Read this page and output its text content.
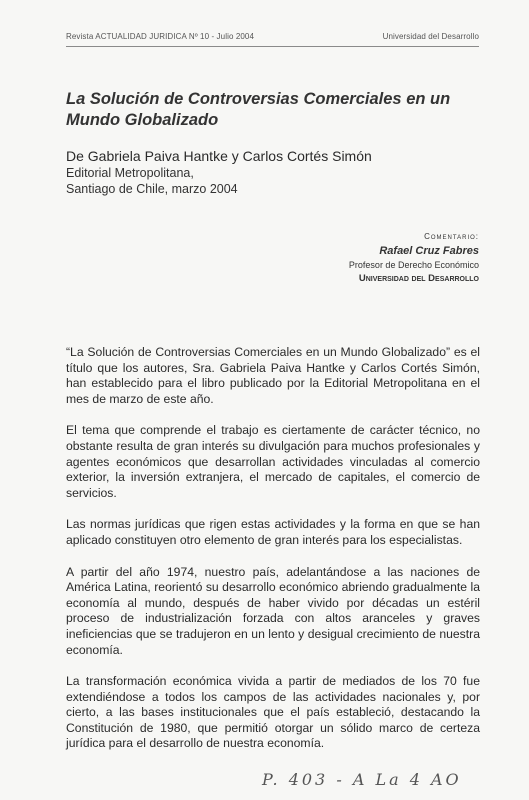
Revista ACTUALIDAD JURIDICA Nº 10 - Julio 2004	Universidad del Desarrollo
La Solución de Controversias Comerciales en un Mundo Globalizado
De Gabriela Paiva Hantke y Carlos Cortés Simón
Editorial Metropolitana,
Santiago de Chile, marzo 2004
Comentario:
Rafael Cruz Fabres
Profesor de Derecho Económico
Universidad del Desarrollo

“La Solución de Controversias Comerciales en un Mundo Globalizado” es el título que los autores, Sra. Gabriela Paiva Hantke y Carlos Cortés Simón, han establecido para el libro publicado por la Editorial Metropolitana en el mes de marzo de este año.

El tema que comprende el trabajo es ciertamente de carácter técnico, no obstante resulta de gran interés su divulgación para muchos profesionales y agentes económicos que desarrollan actividades vinculadas al comercio exterior, la inversión extranjera, el mercado de capitales, el comercio de servicios.

Las normas jurídicas que rigen estas actividades y la forma en que se han aplicado constituyen otro elemento de gran interés para los especialistas.

A partir del año 1974, nuestro país, adelantándose a las naciones de América Latina, reorientó su desarrollo económico abriendo gradualmente la economía al mundo, después de haber vivido por décadas un estéril proceso de industrialización forzada con altos aranceles y graves ineficiencias que se tradujeron en un lento y desigual crecimiento de nuestra economía.

La transformación económica vivida a partir de mediados de los 70 fue extendiéndose a todos los campos de las actividades nacionales y, por cierto, a las bases institucionales que el país estableció, destacando la Constitución de 1980, que permitió otorgar un sólido marco de certeza jurídica para el desarrollo de nuestra economía.

P. 403 - A La 4 AO
